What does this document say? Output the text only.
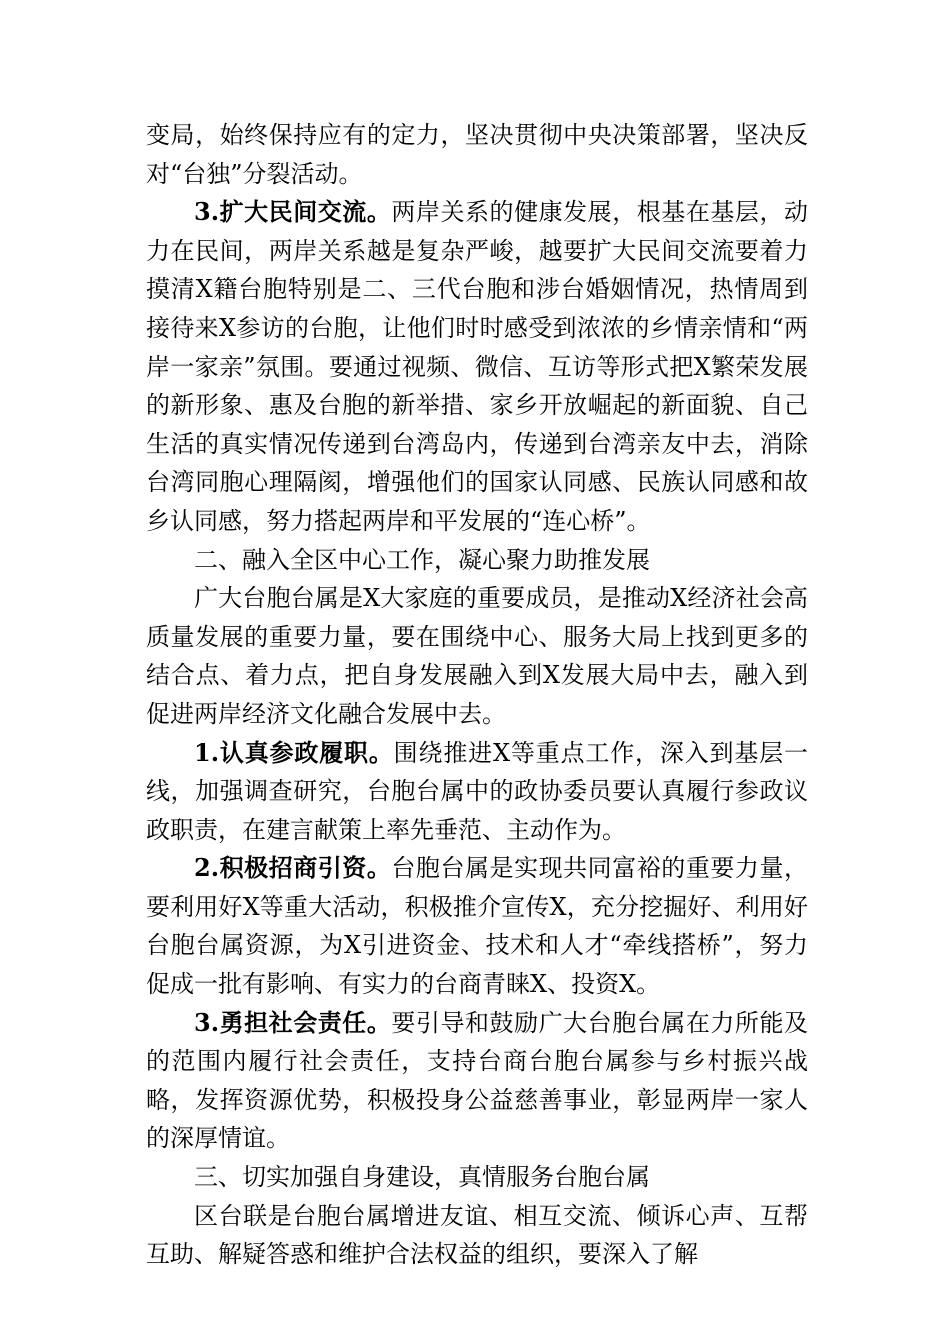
变局，始终保持应有的定力，坚决贯彻中央决策部署，坚决反对“台独”分裂活动。

3.扩大民间交流。两岸关系的健康发展，根基在基层，动力在民间，两岸关系越是复杂严峻，越要扩大民间交流要着力摸清X籍台胞特别是二、三代台胞和涉台婚姻情况，热情周到接待来X参访的台胞，让他们时时感受到浓浓的乡情亲情和“两岸一家亲”氛围。要通过视频、微信、互访等形式把X繁荣发展的新形象、惠及台胞的新举措、家乡开放崛起的新面貌、自己生活的真实情况传递到台湾岛内，传递到台湾亲友中去，消除台湾同胞心理隔阂，增强他们的国家认同感、民族认同感和故乡认同感，努力搭起两岸和平发展的“连心桥”。

二、融入全区中心工作，凝心聚力助推发展

广大台胞台属是X大家庭的重要成员，是推动X经济社会高质量发展的重要力量，要在围绕中心、服务大局上找到更多的结合点、着力点，把自身发展融入到X发展大局中去，融入到促进两岸经济文化融合发展中去。

1.认真参政履职。围绕推进X等重点工作，深入到基层一线，加强调查研究，台胞台属中的政协委员要认真履行参政议政职责，在建言献策上率先垂范、主动作为。

2.积极招商引资。台胞台属是实现共同富裕的重要力量，要利用好X等重大活动，积极推介宣传X，充分挖掘好、利用好台胞台属资源，为X引进资金、技术和人才“牵线搭桥”，努力促成一批有影响、有实力的台商青睐X、投资X。

3.勇担社会责任。要引导和鼓励广大台胞台属在力所能及的范围内履行社会责任，支持台商台胞台属参与乡村振兴战略，发挥资源优势，积极投身公益慈善事业，彰显两岸一家人的深厚情谊。

三、切实加强自身建设，真情服务台胞台属

区台联是台胞台属增进友谊、相互交流、倾诉心声、互帮互助、解疑答惑和维护合法权益的组织，要深入了解
